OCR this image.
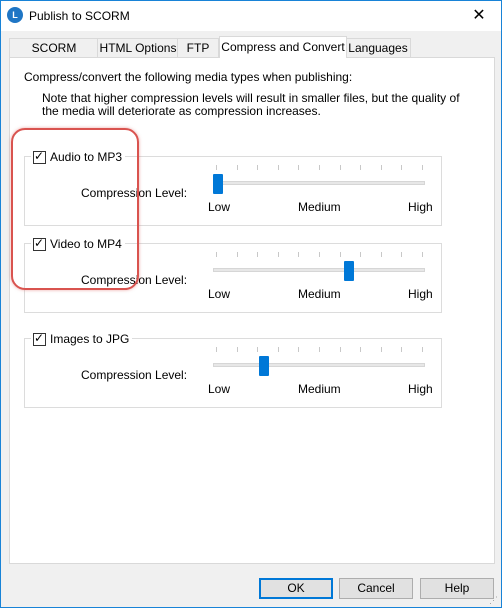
L Publish to SCORM	✕
SCORM	HTML Options FTP Compress and Convert Languages
Compress/convert the following media types when publishing:
Note that higher compression levels will result in smaller files, but the quality of the media will deteriorate as compression increases.
✓ Audio to MP3
Compression Level:
Low	Medium	High
✓ Video to MP4
Compression Level:
Low	Medium	High
✓ Images to JPG
Compression Level:
Low	Medium	High
OK	Cancel	Help
⋰
